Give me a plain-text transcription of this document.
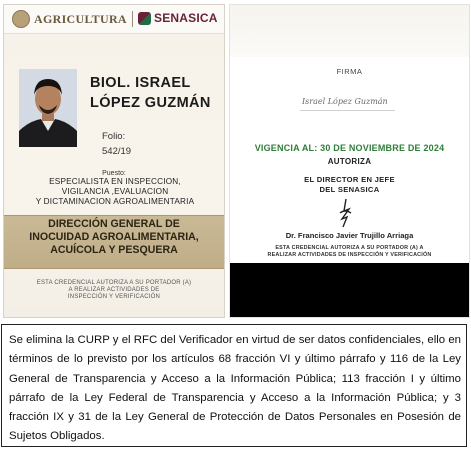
AGRICULTURA SENASICA
BIOL. ISRAEL
LÓPEZ GUZMÁN
Folio:
542/19
Puesto:
ESPECIALISTA EN INSPECCION,
VIGILANCIA ,EVALUACION
Y DICTAMINACION AGROALIMENTARIA
DIRECCIÓN GENERAL DE
INOCUIDAD AGROALIMENTARIA,
ACUÍCOLA Y PESQUERA
ESTA CREDENCIAL AUTORIZA A SU PORTADOR (A)
A REALIZAR ACTIVIDADES DE
INSPECCIÓN Y VERIFICACIÓN
FIRMA
Israel López Guzmán
VIGENCIA AL: 30 DE NOVIEMBRE DE 2024
AUTORIZA
EL DIRECTOR EN JEFE
DEL SENASICA
Dr. Francisco Javier Trujillo Arriaga
ESTA CREDENCIAL AUTORIZA A SU PORTADOR (A) A
REALIZAR ACTIVIDADES DE INSPECCIÓN Y VERIFICACIÓN
Se elimina la CURP y el RFC del Verificador en virtud de ser datos confidenciales, ello en términos de lo previsto por los artículos 68 fracción VI y último párrafo y 116 de la Ley General de Transparencia y Acceso a la Información Pública; 113 fracción I y último párrafo de la Ley Federal de Transparencia y Acceso a la Información Pública; y 3 fracción IX y 31 de la Ley General de Protección de Datos Personales en Posesión de Sujetos Obligados.
